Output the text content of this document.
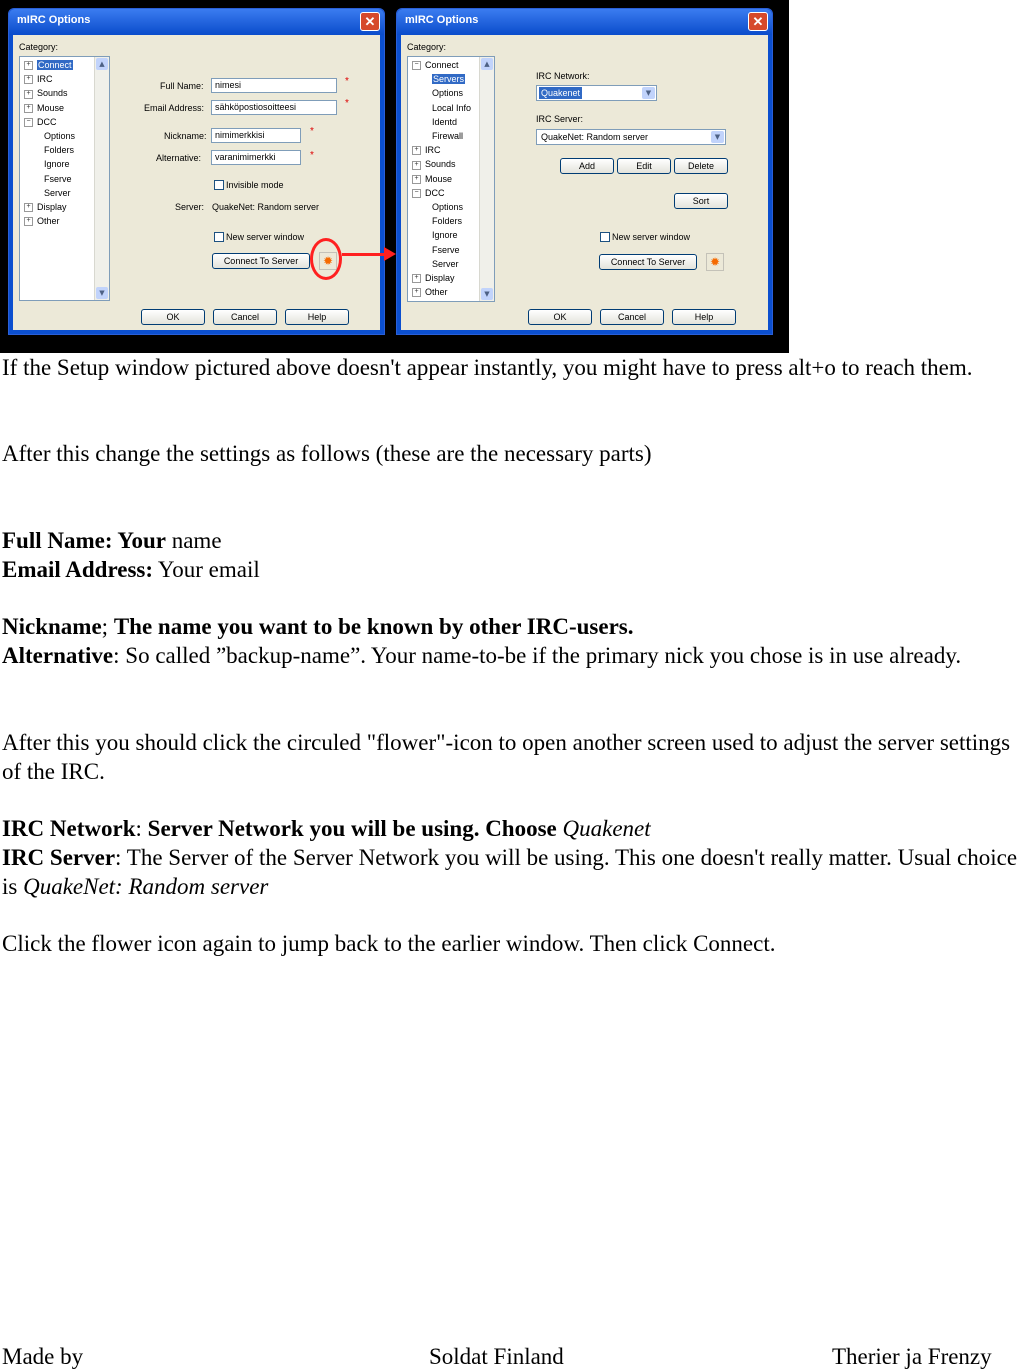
mIRC Options	✕
Category:
+ Connect
+ IRC
+ Sounds
+ Mouse
− DCC
Options
Folders
Ignore
Fserve
Server
+ Display
+ Other
▲
▼
Full Name:	nimesi	*
Email Address:	sähköpostiosoitteesi	*
Nickname: nimimerkkisi	*
Alternative:	varanimimerkki	*
Invisible mode
Server: QuakeNet: Random server
New server window
Connect To Server	✹
OK	Cancel	Help
mIRC Options	✕
Category:
− Connect
Servers
Options
Local Info
Identd
Firewall
+ IRC
+ Sounds
+ Mouse
− DCC
Options
Folders
Ignore
Fserve
Server
+ Display
+ Other
▲
▼
IRC Network:
Quakenet	▼
IRC Server:
QuakeNet: Random server	▼
Add	Edit	Delete
Sort
New server window
Connect To Server	✹
OK	Cancel	Help

If the Setup window pictured above doesn't appear instantly, you might have to press alt+o to reach them.

After this change the settings as follows (these are the necessary parts)

Full Name: Your name

Email Address: Your email

Nickname; The name you want to be known by other IRC-users.

Alternative: So called ”backup-name”. Your name-to-be if the primary nick you chose is in use already.

After this you should click the circuled "flower"-icon to open another screen used to adjust the server settings of the IRC.

IRC Network: Server Network you will be using. Choose Quakenet

IRC Server: The Server of the Server Network you will be using. This one doesn't really matter. Usual choice is QuakeNet: Random server

Click the flower icon again to jump back to the earlier window. Then click Connect.

Made by	Soldat Finland	Therier ja Frenzy
